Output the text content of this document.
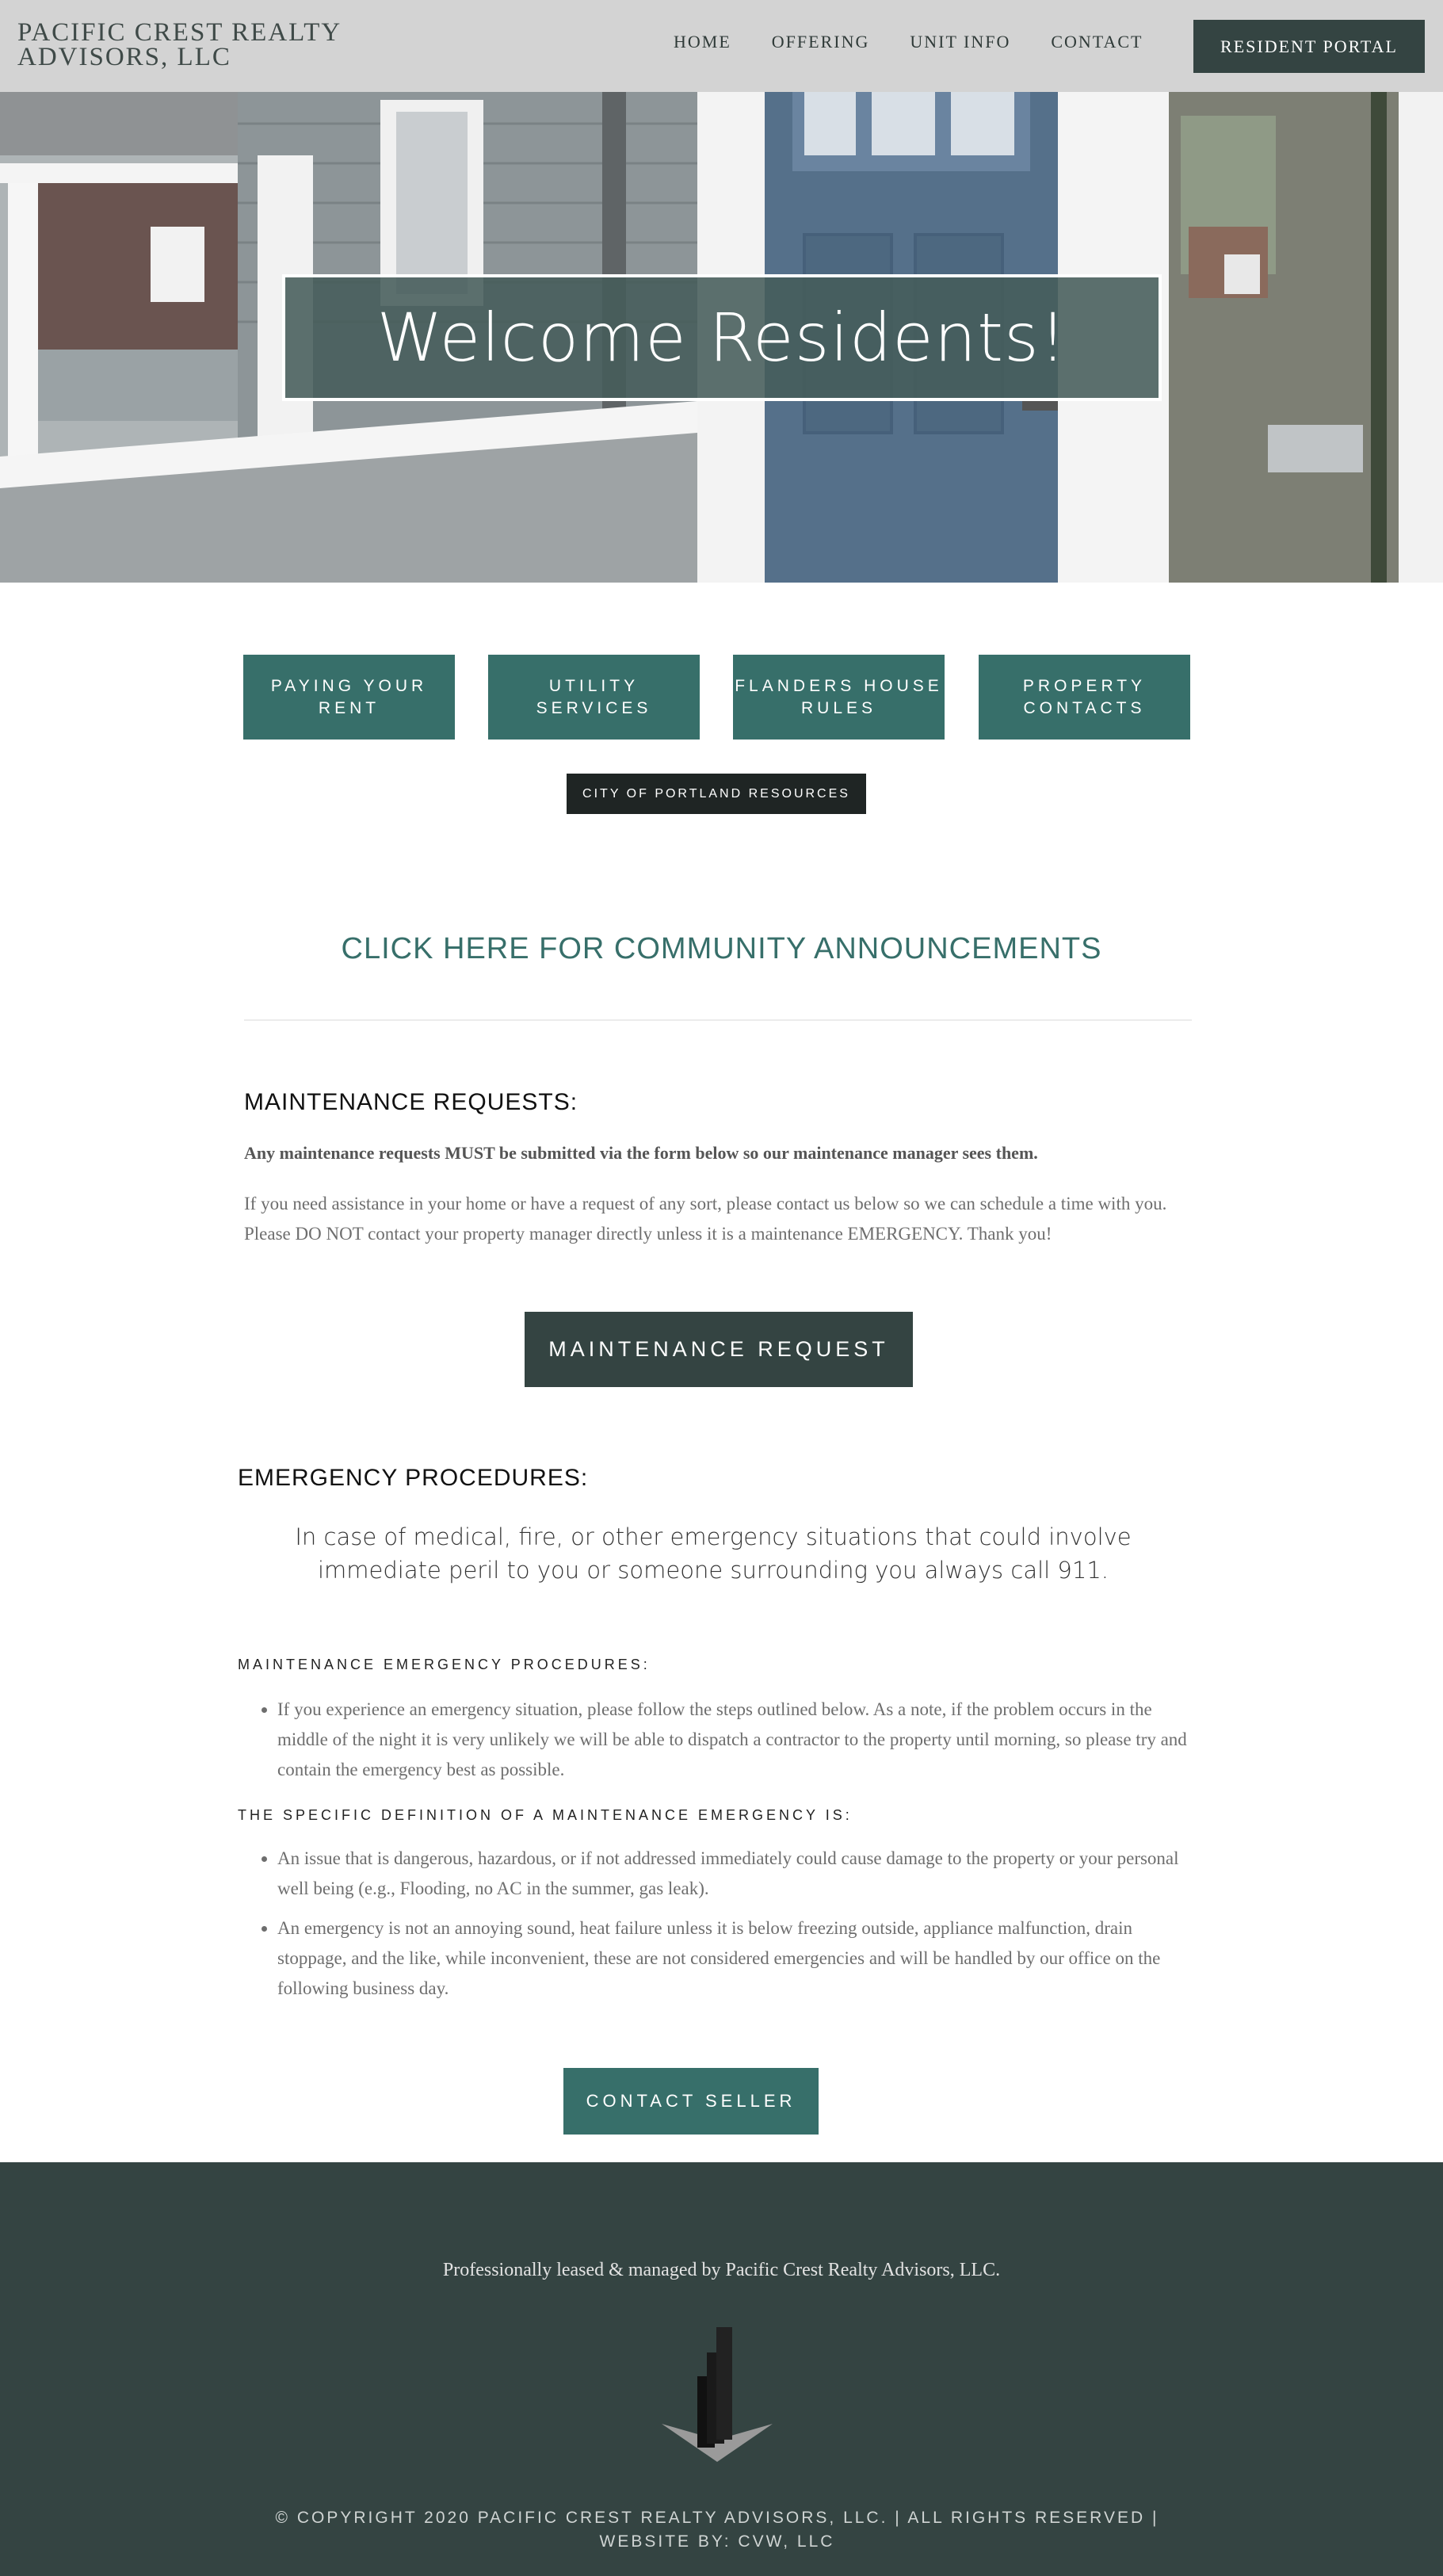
PACIFIC CREST REALTY ADVISORS, LLC
HOME OFFERING UNIT INFO CONTACT	RESIDENT PORTAL
Welcome Residents!
PAYING YOUR RENT
UTILITY SERVICES
FLANDERS HOUSE RULES
PROPERTY CONTACTS
CITY OF PORTLAND RESOURCES
CLICK HERE FOR COMMUNITY ANNOUNCEMENTS
MAINTENANCE REQUESTS:
Any maintenance requests MUST be submitted via the form below so our maintenance manager sees them.
If you need assistance in your home or have a request of any sort, please contact us below so we can schedule a time with you. Please DO NOT contact your property manager directly unless it is a maintenance EMERGENCY. Thank you!
MAINTENANCE REQUEST
EMERGENCY PROCEDURES:
In case of medical, fire, or other emergency situations that could involve immediate peril to you or someone surrounding you always call 911.
MAINTENANCE EMERGENCY PROCEDURES:
• If you experience an emergency situation, please follow the steps outlined below. As a note, if the problem occurs in the middle of the night it is very unlikely we will be able to dispatch a contractor to the property until morning, so please try and contain the emergency best as possible.
THE SPECIFIC DEFINITION OF A MAINTENANCE EMERGENCY IS:
• An issue that is dangerous, hazardous, or if not addressed immediately could cause damage to the property or your personal well being (e.g., Flooding, no AC in the summer, gas leak).
• An emergency is not an annoying sound, heat failure unless it is below freezing outside, appliance malfunction, drain stoppage, and the like, while inconvenient, these are not considered emergencies and will be handled by our office on the following business day.
CONTACT SELLER
Professionally leased & managed by Pacific Crest Realty Advisors, LLC.
© COPYRIGHT 2020 PACIFIC CREST REALTY ADVISORS, LLC. | ALL RIGHTS RESERVED | WEBSITE BY: CVW, LLC
